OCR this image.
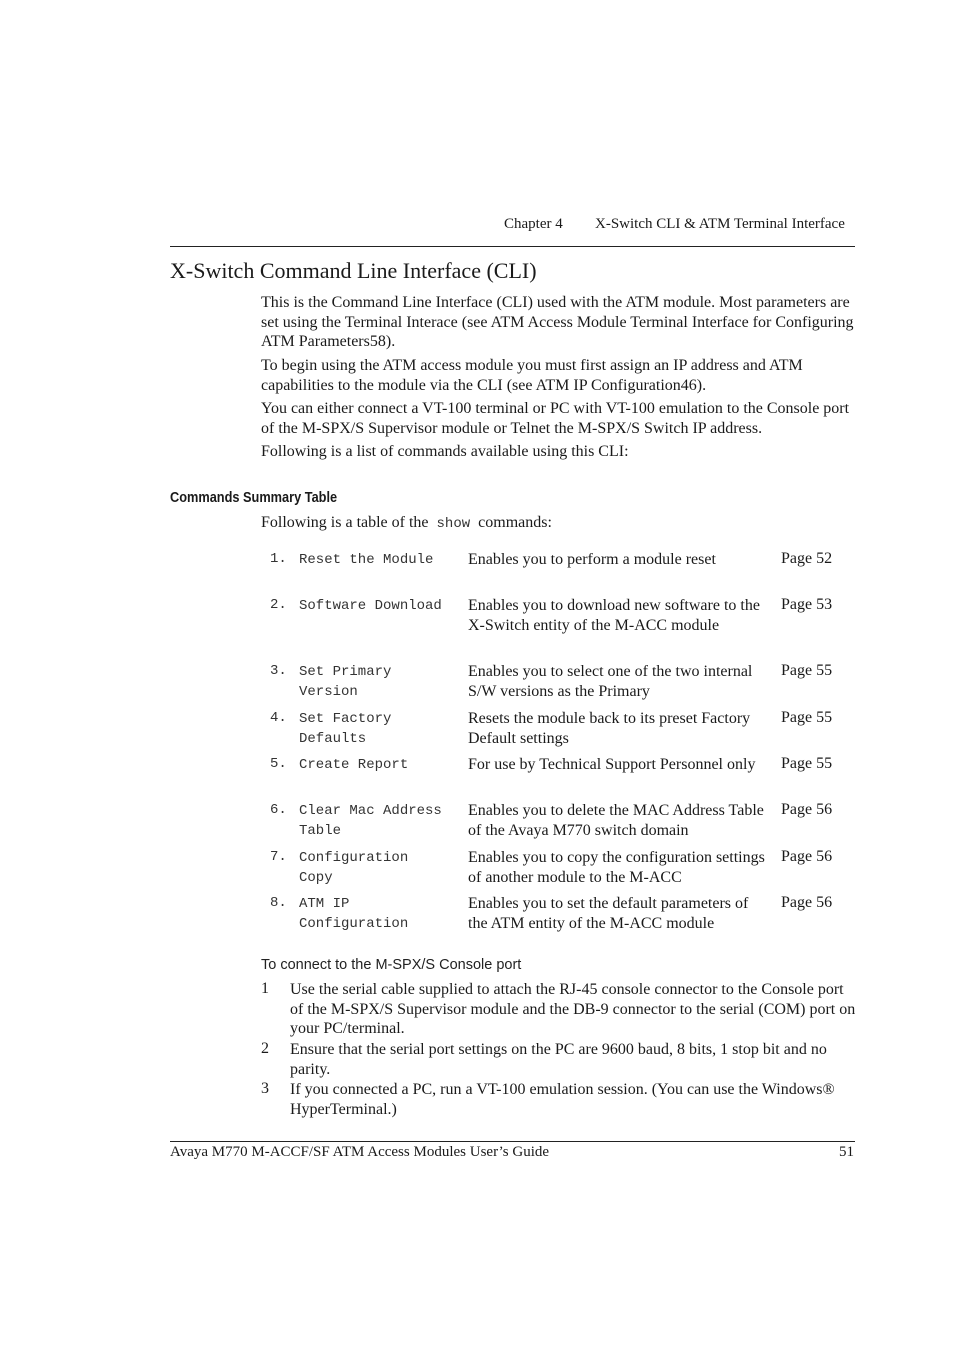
Chapter 4 X-Switch CLI & ATM Terminal Interface
X-Switch Command Line Interface (CLI)
This is the Command Line Interface (CLI) used with the ATM module. Most parameters are set using the Terminal Interace (see ATM Access Module Terminal Interface for Configuring ATM Parameters58).
To begin using the ATM access module you must first assign an IP address and ATM capabilities to the module via the CLI (see ATM IP Configuration46).
You can either connect a VT-100 terminal or PC with VT-100 emulation to the Console port of the M-SPX/S Supervisor module or Telnet the M-SPX/S Switch IP address.
Following is a list of commands available using this CLI:
Commands Summary Table
Following is a table of the show commands:
1. Reset the Module	Enables you to perform a module reset	Page 52
2. Software Download	Enables you to download new software to the X-Switch entity of the M-ACC module
Page 53
3. Set Primary Version
Enables you to select one of the two internal S/W versions as the Primary
Page 55
4. Set Factory Defaults
Resets the module back to its preset Factory Default settings
Page 55
5. Create Report	For use by Technical Support Personnel only	Page 55
6. Clear Mac Address Table
Enables you to delete the MAC Address Table of the Avaya M770 switch domain
Page 56
7. Configuration Copy
Enables you to copy the configuration settings of another module to the M-ACC
Page 56
8. ATM IP Configuration
Enables you to set the default parameters of the ATM entity of the M-ACC module
Page 56
To connect to the M-SPX/S Console port
1 Use the serial cable supplied to attach the RJ-45 console connector to the Console port of the M-SPX/S Supervisor module and the DB-9 connector to the serial (COM) port on your PC/terminal.
2 Ensure that the serial port settings on the PC are 9600 baud, 8 bits, 1 stop bit and no parity.
3 If you connected a PC, run a VT-100 emulation session. (You can use the Windows® HyperTerminal.)
Avaya M770 M-ACCF/SF ATM Access Modules User’s Guide	51
